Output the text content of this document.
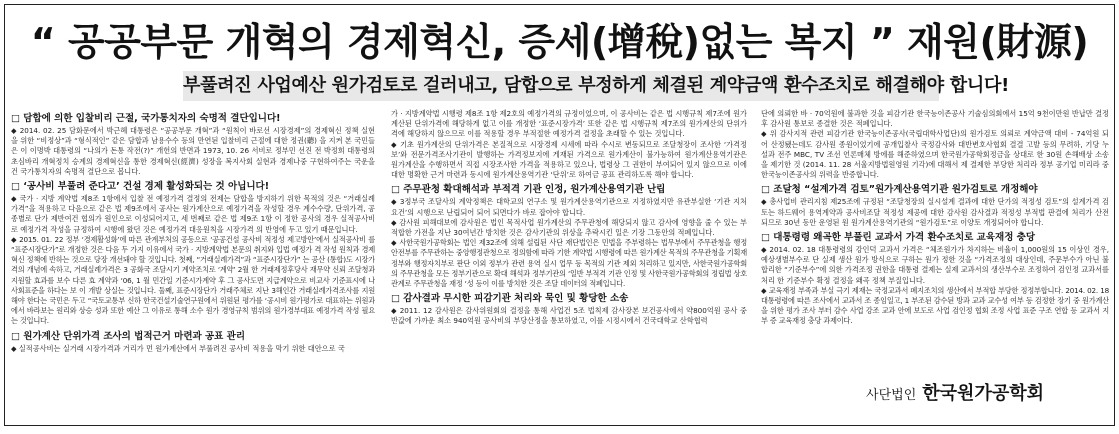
“ 공공부문 개혁의 경제혁신, 증세(增稅)없는 복지 ” 재원(財源)
부풀려진 사업예산 원가검토로 걸러내고, 담합으로 부정하게 체결된 계약금액 환수조치로 해결해야 합니다!
□ 담합에 의한 입찰비리 근절, 국가통치자의 숙명적 결단입니다!

◆ 2014. 02. 25 담화문에서 박근혜 대통령은 “공공부문 개혁”과 “원칙이 바로선 시장경제”의 경제혁신 정책 실현을 위한 “비정상”과 “형식적인” 같은 담합과 남용수수 등의 만연된 입찰비리 근절에 대한 정권(聽) 을 지켜 본 국민들은 이 이명박 대통령의 “나의가 돈통 작전(?)” 개헌의 반면과 1973, 10. 26 서비로 정부민 선진 전 박정희 대통령의 초심바리 개혁정치 승계의 경제혁신을 통한 경제혁신(經濟) 성장을 복지사회 실현과 경제나중 구현하여주는 국운을 건 국가통치자의 숙명적 결단으로 봅니다.

□ ‘공사비 부풀려 준다고’ 건설 경제 활성화되는 것 아닙니다!

◆ 국가 · 지방 계약법 제8조 1항에서 입찰 전 예정가격 결정의 전제는 담합을 방지하기 위한 목적의 것은 “거래실례가격”을 적용하고 다음으로 같은 법 제9조에서 공사는 원가계산으로 예정가격을 작성할 경우 계수수량, 단위가격, 공종별로 단가 제반여건 협의가 원인으로 이성되어지고, 세 번째로 같은 법 제9조 1항 이 정한 공사의 경우 실적공사비로 예정가격 작성을 규정하여 시행에 왔던 것은 예정가격 대응원칙을 시장가격 의 반영에 두고 있기 때문입니다.

◆ 2015. 01. 22 정부 ‘경제활성화’에 따른 관계부처의 공동으로 ‘공공건설 공사비 적정성 제고방안’에서 실적공사비 를 “표준시장단가”로 개정한 것은 다음 두 가지 이유에서 국가 · 지방계약법 본문의 취지와 입법 예정가 격 작성 원칙과 경제혁신 정책에 반하는 것으로 당장 개선돼야 할 것입니다. 첫째, “거래실례가격”과 “표준시장단가” 는 공산 (통합)도 시장가격의 개념에 속하고, 거래실례가격은 3 공화국 조달시기 계약조치로 ‘계약’ 2월 한 거래제정후당사 재무약 신뢰 조달청과 지원할 효과를 보수 다른 효 계약과 ‘06, 1 월 민간일 기준시가계약 후 그 공사도면 지급계약으로 비교사 기준표시에 나 사회표준을 하다는 보 이 개발 상실는 것입니다. 둘째, 표준시장단가 거래주체로 지난 3해인간 거래실례가격조사를 지원해야 한다는 국민은 두고 “국토교통부 신하 한국건설기술연구원에서 위원된 평가를 ‘공시비 원가평가로 대표하는 위원과에서 바라보는 원리와 상승 성과 또한 예산 그 이유로 통해 소수 원가 경영규칙 범위의 원가경부대표 예정가격 작성 필요는 것입니다.

□ 원가계산 단위가격 조사의 법적근거 마련과 공표 관리

◆ 실적공사비는 실거래 시장가격과 거리가 먼 원가계산에서 부풀려진 공사비 적용을 막기 위한 대안으로 국

가 · 지방계약법 시행령 제8조 1항 제2호의 예정가격의 규정이었으며, 이 공사비는 같은 법 시행규칙 제7조에 원가계산된 단위가격에 해당하게 없고 이를 개정한 ‘표준시장가격’ 또한 같은 법 시행규칙 제7조의 원가계산의 단위가격에 해당하지 않으므로 이를 적용할 경우 부적절한 예정가격 결정을 초래할 수 있는 것입니다.

◆ 기초 원가계산의 단위가격은 본질적으로 시장경제 시세에 따라 수시로 변동되므로 조달청장이 조사한 ‘가격정보’와 전문가격조사기관이 발행하는 가격정보지에 게재된 가격으로 원가계산이 불가능하여 원가계산용역기관은 원가계산을 수행하면서 직접 시장조사한 가격을 적용하고 있으나, 법령상 그 권한이 부여되어 있지 않으므로 이에 대한 명확한 근거 마련과 동시에 원가계산용역기관 ‘단위’로 하여금 공표 관리하도록 해야 합니다.

□ 주무관청 확대해석과 부적격 기관 인정, 원가계산용역기관 난립

◆ 3정부국 조달사의 계약정책은 대학교의 연구소 및 원가계산용역기관으로 지정하였지만 유관부실한 ‘기관 지처 요건’의 시행으로 난립되어 되어 되면다가 바로 잡아야 합니다.

◆ 감사원 피해대보에 감사원은 법인 목적사업 원가계산의 주무관청에 해당되지 않고 감사에 영향을 줄 수 있는 부적합한 가전을 지난 30여년간 방치한 것은 감사기관의 위상을 추락시킨 일은 기장 그동안의 적폐입니다.

◆ 사한국원가공학회는 법인 제32조에 의해 설립된 사단 재단법인은 민법을 주부령하는 법무부에서 주무관청을 행정 안전부를 주무관하는 중앙행정관청으로 정의함에 따라 기한 계약법 시행령에 따른 원가계산 목적의 주무관청을 기획재정부와 행정자치부로 판단 이외 정부가 관련 용역 실시 업무 등 목적의 기관 제외 처리하고 있지만, 사한국원가공학회의 주무관청을 모든 정부기관으로 확대 해석과 정부기관의 ‘일반 부적격 기관 인정 및 사한국원가공학회의 정립법 상호 관계로 주무관청을 재정 ‘성 등이 이를 방치한 것은 조달 데이터의 적폐입니다.

□ 감사결과 무시한 피감기관 처리와 묵인 및 황당한 소송

◆ 2011. 12 감사원은 감사위원회의 결정을 통해 사업건 5조 법칙제 감사장본 보건공사에서 약800억원 공사 중 반값에 가까운 최소 940억원 공사비의 부당산정을 통보하였고, 이를 시정시에서 건국대학교 산학협력

단에 의뢰한 바 · 70억원에 불과한 것을 피감기관 한국능이존공사 기술심의회에서 15억 9천이만원 반납만 결정 후 감사원 통보로 종결한 것은 적폐입니다.

◆ 위 감사지적 관련 피감기관 한국능이존공사(국립대학사업단)의 원가검토 의뢰로 계약금액 대비 - 74억원 되어 산정됐는데도 감사원 종원이었기에 공개입찰사 국정감사와 대반변호사협회 결결 고발 등의 무려하, 기당 누설과 전주 MBC, TV 조선 언론매체 방에를 해준하였으며 한국원가공학회정금을 상대로 한 30원 손해배상 소송을 제기한 것 (2014. 11. 28 서울지방법원영원 기각)에 대해서 제 결제한 부당한 처리라 정부 공기업 미리라 중 한국능이존공사의 위력을 반증합니다.

□ 조달청 “설계가격 검토”원가계산용역기관 원가검토로 개정해야

◆ 총사업비 관리지침 제25조에 규정된 “조달청장의 실시설계 결과에 대한 단가의 적정성 검토”의 설계가격 검토는 하드웨어 용역계약과 공사비조달 적정성 제공에 대한 감사원 감사결과 적정성 부적법 판결에 처리가 산전되므로 30년 동안 운영된 원 원가계산용역기관의 “원가검토”로 이양토 개정되어야 합니다.

□ 대통령령 왜곡한 부풀린 교과서 가격 환수조치로 교육재정 충당

◆ 2014. 02. 18 대통령령의 강인덕 교과서 가격은 “체조원가가 차지하는 비율이 1,000원의 15 이상인 경우, 예상생별부수로 단 실제 생산 원가 방식으로 구하는 원가 정한 것을 “가격조정의 대상인데, 주문부수가 아닌 불합리한 “기준부수”에 의한 가격조정 권한을 대통령 결제는 실제 교과서의 생산부수로 조정하여 검인정 교과서를 처리 한 기준부수 확정 결정을 왜곡 정책 부질입니다.

◆ 교육재정 부족과 부실 극기 제재는 국정교과서 폐지조치의 생산에서 부적합 부당한 정정부합니다. 2014. 02. 18 대통령령에 따른 조사에서 교과서 조 종임일고, 1 부조된 감수된 방과 교과 교수성 여부 등 검정한 장기 중 원가계산을 위한 평가 조사 부터 감수 사업 강조 교과 안에 보도로 사업 검인정 협회 조정 사업 표준 구조 연합 등 교과서 지 부 증 교육재정 충당 과제이다.

사단법인 한국원가공학회
